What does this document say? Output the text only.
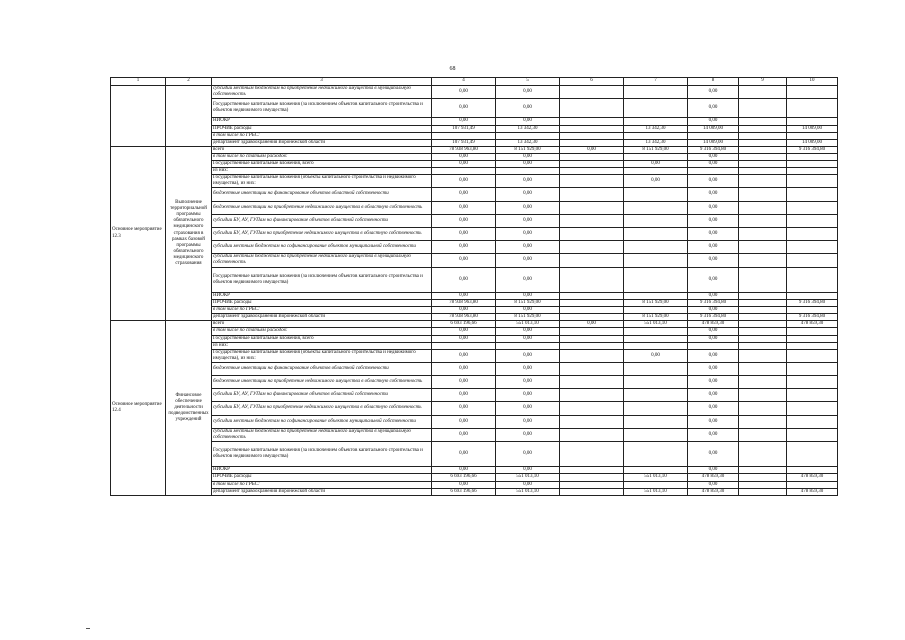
68
1	2	3	4	5	6	7	8	9	10
		субсидии местным бюджетам на приобретение недвижимого имущества в муниципальную собственность	0,00	0,00			0,00		
		Государственные капитальные вложения (за исключением объектов капитального строительства и объектов недвижимого имущества)	0,00	0,00			0,00		
		НИОКР	0,00	0,00			0,00		
		ПРОЧИЕ расходы	107 931,49	13 342,30		13 342,30	14 009,00		14 009,00
		в том числе по ГРБС:							
		департамент здравоохранения Воронежской области	107 931,49	13 342,30		13 342,30	14 009,00		14 009,00
Основное мероприятие 12.3	Выполнение территориальной программы обязательного медицинского страхования в рамках базовой программы обязательного медицинского страхования	всего	78 938 963,80	8 151 929,00	0,00	8 151 929,00	9 316 394,80		9 316 394,80
		в том числе по статьям расходов:	0,00	0,00			0,00		
		Государственные капитальные вложения, всего	0,00	0,00		0,00	0,00		
		из них:							
		Государственные капитальные вложения (объекты капитального строительства и недвижимого имущества), из них:	0,00	0,00		0,00	0,00		
		бюджетные инвестиции на финансирование объектов областной собственности	0,00	0,00			0,00		
		бюджетные инвестиции на приобретение недвижимого имущества в областную собственность	0,00	0,00			0,00		
		субсидии БУ, АУ, ГУПам на финансирование объектов областной собственности	0,00	0,00			0,00		
		субсидии БУ, АУ, ГУПам на приобретение недвижимого имущества в областную собственность	0,00	0,00			0,00		
		субсидии местным бюджетам на софинансирование объектов муниципальной собственности	0,00	0,00			0,00		
		субсидии местным бюджетам на приобретение недвижимого имущества в муниципальную собственность	0,00	0,00			0,00		
		Государственные капитальные вложения (за исключением объектов капитального строительства и объектов недвижимого имущества)	0,00	0,00			0,00		
		НИОКР	0,00	0,00			0,00		
		ПРОЧИЕ расходы	78 938 963,80	8 151 929,00		8 151 929,00	9 316 394,80		9 316 394,80
		в том числе по ГРБС:	0,00	0,00			0,00		
		департамент здравоохранения Воронежской области	78 938 963,80	8 151 929,00		8 151 929,00	9 316 394,80		9 316 394,80
Основное мероприятие 12.4	Финансовое обеспечение деятельности подведомственных учреждений	всего	6 693 196,66	551 013,10	0,00	551 013,10	478 859,30		478 859,30
		в том числе по статьям расходов:	0,00	0,00			0,00		
		Государственные капитальные вложения, всего	0,00	0,00			0,00		
		из них:							
		Государственные капитальные вложения (объекты капитального строительства и недвижимого имущества), из них:	0,00	0,00		0,00	0,00		
		бюджетные инвестиции на финансирование объектов областной собственности	0,00	0,00			0,00		
		бюджетные инвестиции на приобретение недвижимого имущества в областную собственность	0,00	0,00			0,00		
		субсидии БУ, АУ, ГУПам на финансирование объектов областной собственности	0,00	0,00			0,00		
		субсидии БУ, АУ, ГУПам на приобретение недвижимого имущества в областную собственность	0,00	0,00			0,00		
		субсидии местным бюджетам на софинансирование объектов муниципальной собственности	0,00	0,00			0,00		
		субсидии местным бюджетам на приобретение недвижимого имущества в муниципальную собственность	0,00	0,00			0,00		
		Государственные капитальные вложения (за исключением объектов капитального строительства и объектов недвижимого имущества)	0,00	0,00			0,00		
		НИОКР	0,00	0,00			0,00		
		ПРОЧИЕ расходы	6 693 196,66	551 013,10		551 013,10	478 859,30		478 859,30
		в том числе по ГРБС:	0,00	0,00			0,00		
		департамент здравоохранения Воронежской области	6 693 196,66	551 013,10		551 013,10	478 859,30		478 859,30
